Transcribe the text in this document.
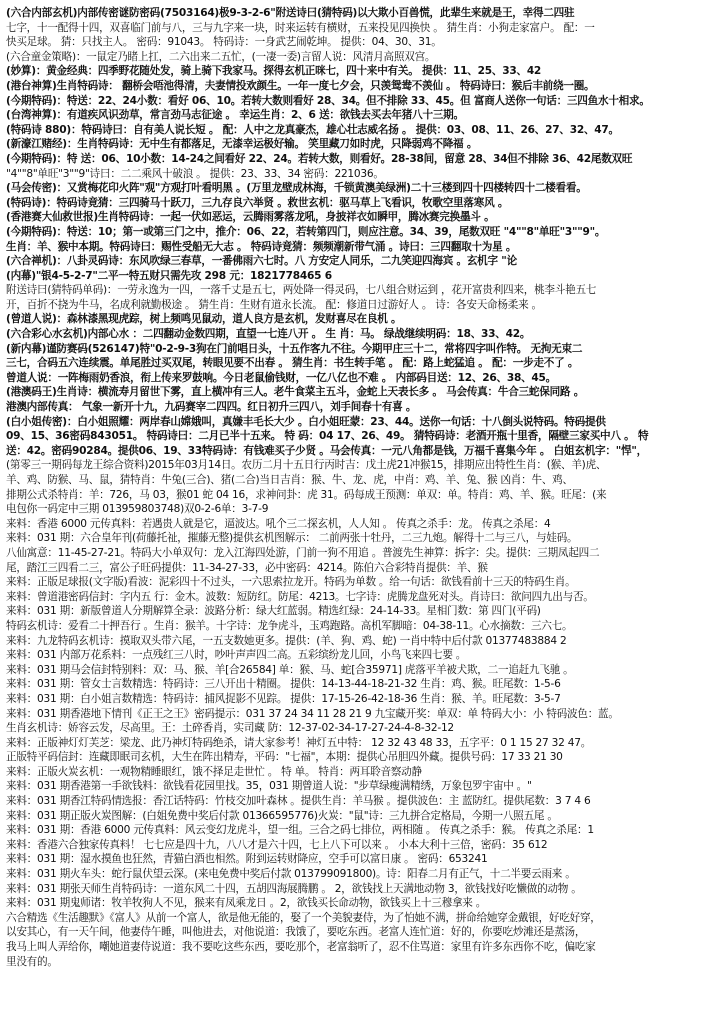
(六合内部玄机)内部传密谜防密码(7503164)极9-3-2-6"附送诗曰(猜特码)以大欺小百兽慌，此辈生来就是王，幸得二四驻
七字，十一配得十四，双喜临门前与八，三与九字来一块，时来运转有横财，五来投见四换快 。 猜生肖：小狗走家富户。 配：一
快买足球。 猜：只找主人。 密码：91043。 特码诗：一身武艺闹乾坤。 提供：04、30、31。
(六合童金策略)：一鼠定乃睹上扛，二六出来二五忙，(一凄一委)言留人说：风清月高照双宫。
(妙算)：黄金经典：四季野花随处发，骑上骑下我家马。探得玄机正咪七，四十来中有关。 提供：11、25、33、42
(港台神算)生肖特码诗： 翻桥会唔池得清，夫妻情投欢颜生。一年一度七夕会，只羡鸳鸯不羡仙 。 特码诗曰：猴后丰前绕一圈。
(今期特码)：特送：22、24小数：看好 06、10。若转大数则看好 28、34。但不排除 33、45。但 富商人送你一句话：三四鱼水十相求。
(台湾神算)：有道疾风识劲草，常言劲马志征途 。 幸运生肖：2、6 送：欲钱去买去年猪八十三期。
(特码诗 880)：特码诗曰：自有美人说长短 。 配：人中之龙真豪杰，雄心壮志威名扬 。 提供：03、08、11、26、27、32、47。
(新濠江赌经)：生肖特码诗：无中生有都落足，无漆幸运极好输。 笑里藏刀如时虎，只降弱鸡不降福 。
(今期特码)：特 送：06、10小数：14-24之间看好 22、24。若转大数，则看好。28-38间，留意 28、34但不排除 36、42尾数双旺
"4""8"单旺"3""9"诗曰：二二乘风十破浪 。 提供：23、33、34 密码：221036。
(马会传密)：又赏梅花印火阵"观"方观打叶看明黑 。(万里龙壁成林海，千锁黄澳美绿洲)二十三楼到四十四楼转四十二楼看看。
(特码诗)：特码诗竟猜：三四骑马十跃刀，三九存良六举贤 。救世玄机：驱马草上飞看识，牧歌空里落寒风 。
(香港赛大仙救世报)生肖特码诗：一起一伏如恶运，云腾雨雾落龙吼，身披祥衣如瞬甲，腾冰赛完换墨斗 。
(今期特码)：特送：10；第一或第三门之中，推介：06、22，若转第四门，则应注意。34、39，尾数双旺 "4""8"单旺"3""9"。
生肖：羊、猴中本期。特码诗曰：赐性受船无大志 。 特码诗竟猜：频频潮新带气涌 。诗曰：三四翻取十为星 。
(六合禅机)：八卦灵码诗：东风吹绿三春草，一番佛雨六七时。八 方安定人同乐，二九笑迎四海宾 。玄机字 "论
(内幕)"银4-5-2-7"二平一特五财只需先攻 298 元：1821778465 6
附送诗曰(猜特码单码)：一劳永逸为一四，一落千丈是五七，两处降一得灵码，七八组合财运到 ，花开富贵利四来，桃李斗艳五七
开，百折不挠为牛马，名成利就勤极途 。 猜生肖：生财有道永长流。 配：修道日过游好人 。 诗：各安天命杨柔来 。
(曾道人说)：森林漆黑现虎踪，树上频鸣见鼠动，道人良方是玄机，发财喜尽在良机 。
(六合彩心水玄机)内部心水 ：二四翻动金数四期，直望一七连八开 。 生 肖：马。 绿战继续明码：18、33、42。
(新内幕)谨防赛码(526147)特"0-2-9-3狗在门前唱日头，十五作客九不往。今期甲庄三十二，常将四字叫作特。 无拘无束二
三七，合码五六连续震。单尾胜过买双尾，转眼见要不出春 。 猜生肖：书生转手笔 。 配：路上蛇猛追 。 配：一步走不了 。
曾道人说：一阵梅雨奶香浪，衔上传来罗鼓响。今日老鼠偷钱财，一亿八亿也不难 。 内部码目送：12、26、38、45。
(港澳码王)生肖诗：横流寿月留世下雾，直上横冲有三人。老牛食菜主五斗，金蛇上天表长多 。 马会传真：牛合三蛇保同路 。
港澳内部传真： 气象一新开十九，九码赛宰二四四。红日初升三四八，刘手间春十有喜 。
(白小姐传密)：白小姐照耀：两岸春山嫦娥叫，真嫌丰毛长大少 。白小姐旺蒙：23、44。送你一句话：十八倒头说特码。特码提供
09、15、36密码843051。 特码诗曰：二月已半十五来。 特 码：04 17、26、49。 猜特码诗：老酒开瓶十里香，隔壁三家买中八 。 特
送：42。密码90284。提供06、19、33特码诗：有钱难买子少贤 。马会传真：一元八角都是钱，万福千喜集今年 。 白姐玄机字："悍"，
(第零三一期码每龙王综合资料)2015年03月14日。农历二月十五日行丙时吉：戊土虎21冲猴15，排期应出特性生肖：(猴、羊)虎、
羊、鸡、防猴、马、鼠，猜特肖：牛兔(三合)、猪(二合)当日吉肖：猴、牛、龙、虎，中肖：鸡、羊、兔、猴 凶肖：牛、鸡、
排期公式杀特肖：羊：726，马 03，猴01 蛇 04 16，求神问卦：虎 31。码每成王预测：单双：单。特肖：鸡、羊、猴。旺尾：(来
电包你一码定中三期 013959803748)双0-2-6单：3-7-9
来料：香港 6000 元传真料：若遇贵人就是它，逼波达。吼个三二探玄机，人人知 。 传真之杀手：龙。 传真之杀尾：4
来料：031 期：六合皇年刊(荷藤托祉，摧藤无整)提供玄机图解示： 二前两张十牡丹，二三九炮。解得十二与三八，与娃码。
八仙寓意：11-45-27-21。特码大小单双句：龙入江海四处游，门前一狗不用追 。普渡先生神算：拆字：尖。提供：三期凤起四二
尾，踏江三四看二三，富公子旺码提供：11-34-27-33，必中密码：4214。陈伯六合彩特肖提供：羊、猴
来料：正版足球报(文字版)看波：泥彩四十不过头，一六思索拉龙开。特码为单数 。给一句话：欲钱看前十三天的特码生肖。
来料：曾道港密码信封：字内五 行：金木。波数：短防红。防尾：4213。七字诗：虎腾龙盘死对头。肖诗曰：欲问四九出与否。
来料：031 期：新版曾道人分期解算全录：波路分析：绿大红蓝弱。精选红绿：24-14-33。星相门数：第 四门(平码)
特码玄机诗：爱看二十押吾行 。生肖：猴羊。十字诗：龙争虎斗，玉鸡跑路。高机军脚暗：04-38-11。心水摘数：三六七。
来料：九龙特码玄机诗：摸取双头带六尾，一五支数她更多。提供：(羊、狗、鸡、蛇) 一肖中特中后付款 01377483884 2
来料：031 内部万花系料：一点残红三八时，吵叶声声四二高。五彩缤纷龙儿回，小鸟飞来四七要 。
来料：031 期马会信封特别料：双：马、猴、羊[合26584] 单：猴、马、蛇[合35971] 虎落平羊被犬欺，二一追赶九飞驰 。
来料：031 期：管女士言数精选：特码诗：三八开出十精圈。 提供：14-13-44-18-21-32 生肖：鸡、猴。旺尾数：1-5-6
来料：031 期：白小姐言数精选：特码诗：捕风捉影不见踪。 提供：17-15-26-42-18-36 生肖：猴、羊。旺尾数：3-5-7
来料：031 期香港地下情刊《正王之王》密码提示：031 37 24 34 11 28 21 9 九宝藏开奖：单双：单 特码大小：小 特码波色：蓝。
生肖玄机诗：娇容云发，尽高里。王：土碎香肖，实司藏 防：12-37-02-34-17-27-24-4-8-32-12
来料：正版神灯灯芙芝：梁龙、此乃神灯特码绝杀，请大家参考！神灯五中特： 12 32 43 48 33，五字平：0 1 15 27 32 47。
正版特平码信封：连藏即眠司玄机，大生在阵出精寿，平码："七福"，本期：提供心吊胆四外藏。提供号码：17 33 21 30
来料：正版火炭玄机：一观物精睡眼红，饿不择足走世忙 。 特 单。 特肖：两耳聆音察动静
来料：031 期香港第一手欲钱料：欲钱看花园里找。35，031 期曾道人说："步草绿瘦满精绣，万象包罗宇宙中 。"
来料：031 期香江特码情选报：香江话特码：竹枝交加叶森林 。提供生肖：羊马猴 。提供波色：主 蓝防红。提供尾数：3 7 4 6
来料：031 期正版火炭图解：(白姐免费中奖后付款 01366595776)火炭："鼠"诗：三九拼合定格局，今期一八照五尾 。
来料：031 期：香港 6000 元传真料：风云变幻龙虎斗，望一组。三合之码七排位，两相随 。 传真之杀手：猴。 传真之杀尾：1
来料：香港六合独家传真料！ 七七应是四十九，八八才是六十四，七上八下可以来 。 小本大利十三倍，密码：35 612
来料：031 期：湿水摸鱼也狂然，青猫白酒也相然。附到运转财降应，空手可以富日康 。 密码：653241
来料：031 期火车头：蛇行鼠伏望云深。(来电免费中奖后付款 013799091800)。诗：阳春二月有正气，十二半要云雨来 。
来料：031 期张天师生肖特码诗：一道东风二十四，五胡四海展腾鹏 。 2，欲钱找上天满地动物 3，欲钱找好吃懒做的动物 。
来料：031 期鬼师诸：牧羊牧狗人不见，猴来有凤乘龙日 。2，欲钱买长命动物，欲钱买上十三穆拿来 。
六合精选《生活趣默》《富人》从前一个富人，欲是他无能的，娶了一个美貌妻侍，为了怕她不满，拼命给她穿金戴银，好吃好穿，
以安其心，有一天午间，他妻侍午睡，叫他进去，对他说道：我饿了，要吃东西。老富人连忙道：好的，你要吃炒滩还是蒸汤，
我马上叫人弄给你，嘲她道妻侍说道：我不要吃这些东西，要吃那个，老富翁听了，忍不住骂道：家里有许多东西你不吃，偏吃家
里没有的。
